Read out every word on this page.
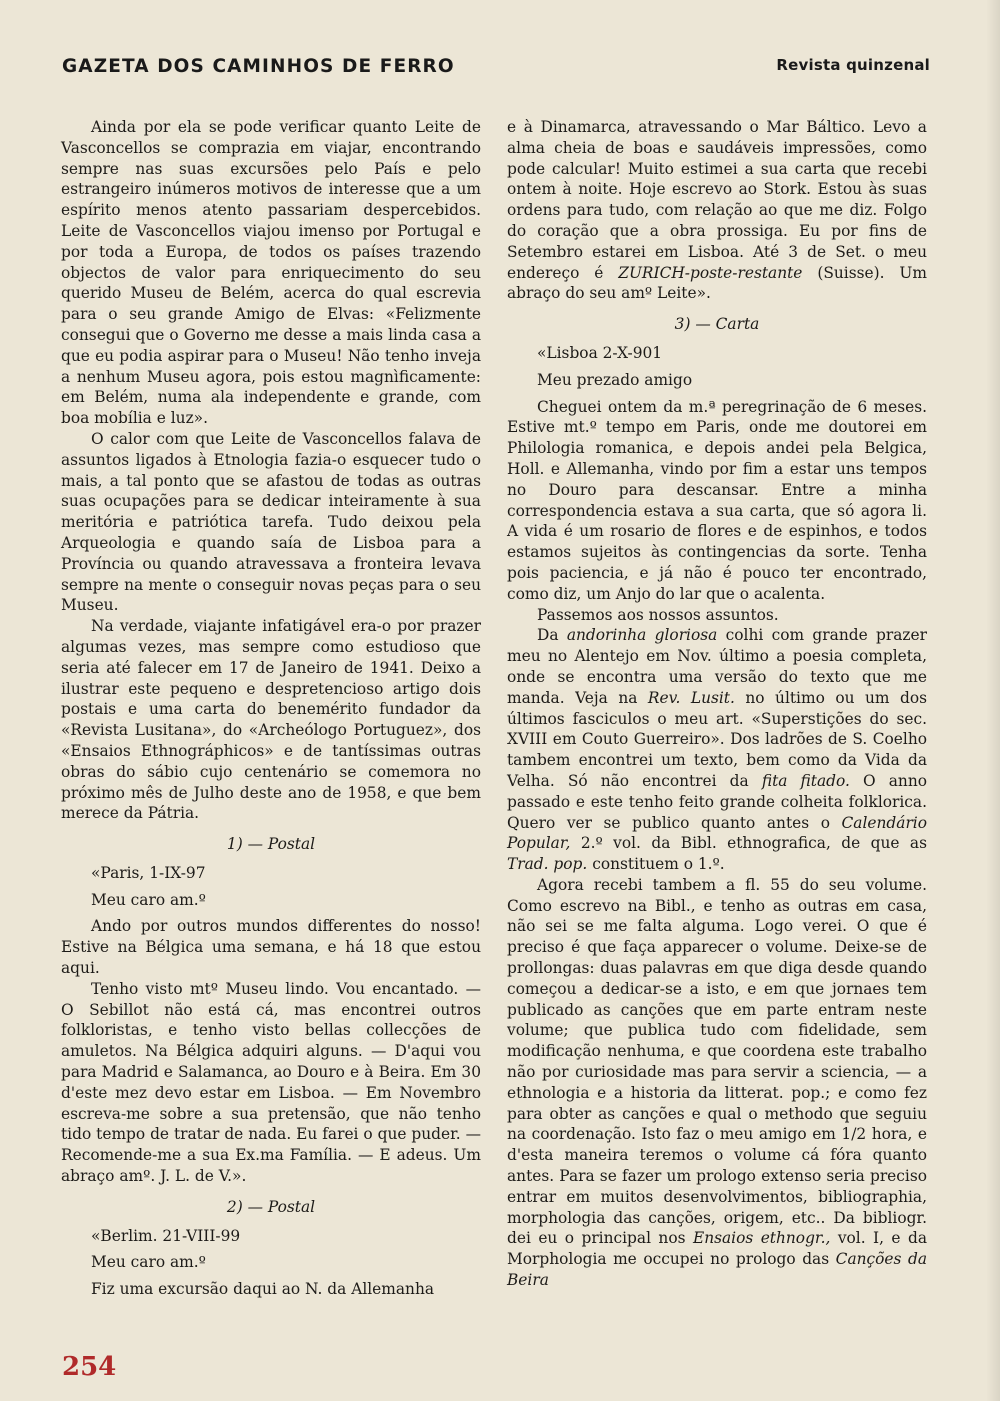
GAZETA DOS CAMINHOS DE FERRO	Revista quinzenal

Ainda por ela se pode verificar quanto Leite de Vasconcellos se comprazia em viajar, encontrando sempre nas suas excursões pelo País e pelo estrangeiro inúmeros motivos de interesse que a um espírito menos atento passariam despercebidos. Leite de Vasconcellos viajou imenso por Portugal e por toda a Europa, de todos os países trazendo objectos de valor para enriquecimento do seu querido Museu de Belém, acerca do qual escrevia para o seu grande Amigo de Elvas: «Felizmente consegui que o Governo me desse a mais linda casa a que eu podia aspirar para o Museu! Não tenho inveja a nenhum Museu agora, pois estou magnìficamente: em Belém, numa ala independente e grande, com boa mobília e luz».

O calor com que Leite de Vasconcellos falava de assuntos ligados à Etnologia fazia-o esquecer tudo o mais, a tal ponto que se afastou de todas as outras suas ocupações para se dedicar inteiramente à sua meritória e patriótica tarefa. Tudo deixou pela Arqueologia e quando saía de Lisboa para a Província ou quando atravessava a fronteira levava sempre na mente o conseguir novas peças para o seu Museu.

Na verdade, viajante infatigável era-o por prazer algumas vezes, mas sempre como estudioso que seria até falecer em 17 de Janeiro de 1941. Deixo a ilustrar este pequeno e despretencioso artigo dois postais e uma carta do benemérito fundador da «Revista Lusitana», do «Archeólogo Portuguez», dos «Ensaios Ethnográphicos» e de tantíssimas outras obras do sábio cujo centenário se comemora no próximo mês de Julho deste ano de 1958, e que bem merece da Pátria.

1) — Postal

«Paris, 1-IX-97

Meu caro am.º

Ando por outros mundos differentes do nosso! Estive na Bélgica uma semana, e há 18 que estou aqui.

Tenho visto mtº Museu lindo. Vou encantado. — O Sebillot não está cá, mas encontrei outros folkloristas, e tenho visto bellas collecções de amuletos. Na Bélgica adquiri alguns. — D'aqui vou para Madrid e Salamanca, ao Douro e à Beira. Em 30 d'este mez devo estar em Lisboa. — Em Novembro escreva-me sobre a sua pretensão, que não tenho tido tempo de tratar de nada. Eu farei o que puder. — Recomende-me a sua Ex.ma Família. — E adeus. Um abraço amº. J. L. de V.».

2) — Postal

«Berlim. 21-VIII-99

Meu caro am.º

Fiz uma excursão daqui ao N. da Allemanha

e à Dinamarca, atravessando o Mar Báltico. Levo a alma cheia de boas e saudáveis impressões, como pode calcular! Muito estimei a sua carta que recebi ontem à noite. Hoje escrevo ao Stork. Estou às suas ordens para tudo, com relação ao que me diz. Folgo do coração que a obra prossiga. Eu por fins de Setembro estarei em Lisboa. Até 3 de Set. o meu endereço é ZURICH-poste-restante (Suisse). Um abraço do seu amº Leite».

3) — Carta

«Lisboa 2-X-901

Meu prezado amigo

Cheguei ontem da m.ª peregrinação de 6 meses. Estive mt.º tempo em Paris, onde me doutorei em Philologia romanica, e depois andei pela Belgica, Holl. e Allemanha, vindo por fim a estar uns tempos no Douro para descansar. Entre a minha correspondencia estava a sua carta, que só agora li. A vida é um rosario de flores e de espinhos, e todos estamos sujeitos às contingencias da sorte. Tenha pois paciencia, e já não é pouco ter encontrado, como diz, um Anjo do lar que o acalenta.

Passemos aos nossos assuntos.

Da andorinha gloriosa colhi com grande prazer meu no Alentejo em Nov. último a poesia completa, onde se encontra uma versão do texto que me manda. Veja na Rev. Lusit. no último ou um dos últimos fasciculos o meu art. «Superstições do sec. XVIII em Couto Guerreiro». Dos ladrões de S. Coelho tambem encontrei um texto, bem como da Vida da Velha. Só não encontrei da fita fitado. O anno passado e este tenho feito grande colheita folklorica. Quero ver se publico quanto antes o Calendário Popular, 2.º vol. da Bibl. ethnografica, de que as Trad. pop. constituem o 1.º.

Agora recebi tambem a fl. 55 do seu volume. Como escrevo na Bibl., e tenho as outras em casa, não sei se me falta alguma. Logo verei. O que é preciso é que faça apparecer o volume. Deixe-se de prollongas: duas palavras em que diga desde quando começou a dedicar-se a isto, e em que jornaes tem publicado as canções que em parte entram neste volume; que publica tudo com fidelidade, sem modificação nenhuma, e que coordena este trabalho não por curiosidade mas para servir a sciencia, — a ethnologia e a historia da litterat. pop.; e como fez para obter as canções e qual o methodo que seguiu na coordenação. Isto faz o meu amigo em 1/2 hora, e d'esta maneira teremos o volume cá fóra quanto antes. Para se fazer um prologo extenso seria preciso entrar em muitos desenvolvimentos, bibliographia, morphologia das canções, origem, etc.. Da bibliogr. dei eu o principal nos Ensaios ethnogr., vol. I, e da Morphologia me occupei no prologo das Canções da Beira

254
